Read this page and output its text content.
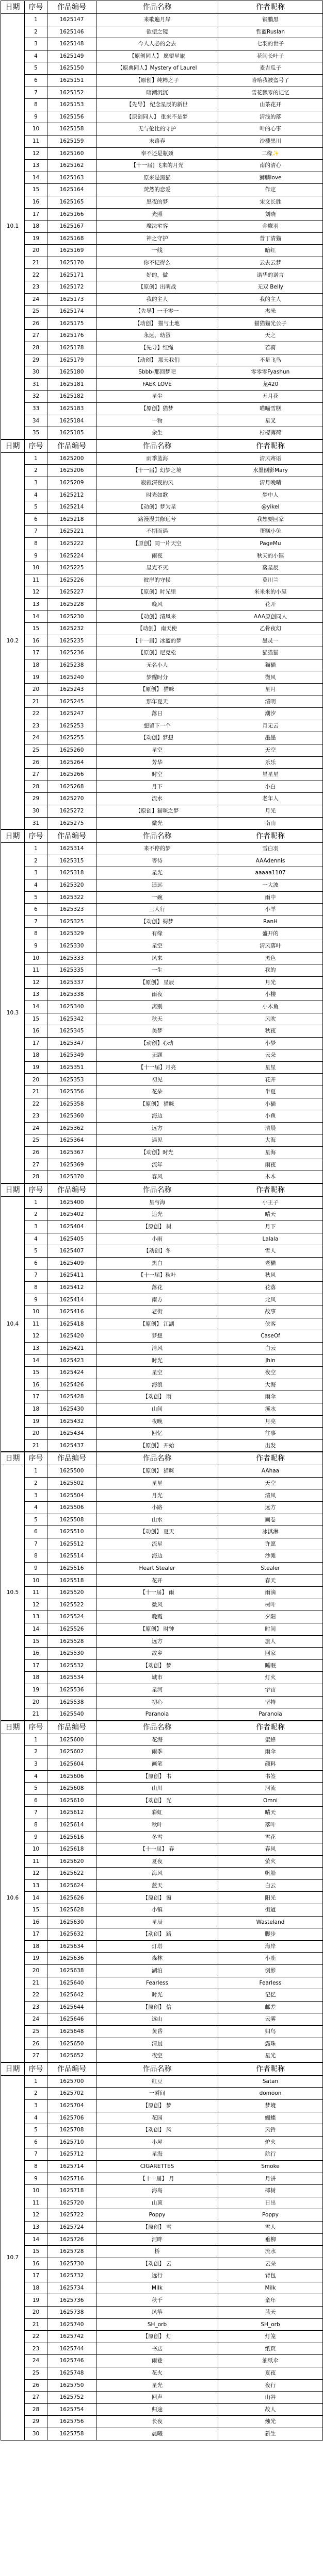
日期	序号	作品编号	作品名称	作者昵称
10.1	1	1625147	来歌遍月岸	钢鹏黑
	2	1625146	欲望之镜	哲蓝Ruslan
	3	1625148	今人人必的会去	七羽的世子
	4	1625149	【原创同人】 愿望星旅	花间长叶子
	5	1625150	【原典同人】Mystery of Laurel	麦吉瓜子
	6	1625151	【原创】纯粹之子	哈哈我被盗号了
	7	1625152	暗潮沉沉	雪花飘零的记忆
	8	1625153	【先导】 纪念星辰的新世	山茶花开
	9	1625156	【原创同人】 重来不是梦	清浅的落
	10	1625158	无与伦比的守护	叶的心事
	11	1625159	末路春	沙楼黑川
	12	1625160	奉不还是瓶颈	二缘✨
	13	1625162	【十一届] 飞来的月光	南的清心
	14	1625163	原来是黑猫	狮麟love
	15	1625164	荧然的恋爱	作定
	16	1625165	黑夜的梦	宋文长胜
	17	1625166	光照	刘晓
	18	1625167	魔法宅客	金鹰羽
	19	1625168	神之守护	普丁清猫
	20	1625169	一线	暗红
	21	1625170	你不记得么	云去云梦
	22	1625171	好的，做	诺华的诺言
	23	1625172	【原创】出萌战	无双 Belly
	24	1625173	我的主人	我的主人
	25	1625174	【先导】一千零一	杰米
	26	1625175	【动创】 猫与土地	猫猫猫光公子
	27	1625176	永远，幼蛋	天之
	28	1625178	【先导】红绳	若骑
	29	1625179	【动创】 那天我们	不是飞鸟
	30	1625180	Sbbb-那回梦吧	零零零Fyashun
	31	1625181	FAEK LOVE	龙420
	32	1625182	星尘	五月花
	33	1625183	【原创】猫梦	喵喵雪糕
	34	1625184	一物	星叉
	35	1625185	余生	柠檬薄荷
日期	序号	作品编号	作品名称	作者昵称
10.2	1	1625200	雨季蓝海	清风寄语
	2	1625206	【十一届】幻梦之境	水墨倒影Mary
	3	1625209	寂寂深夜的风	清月晚晴
	4	1625212	时光如歌	梦中人
	5	1625214	【动创】梦为星	@yikel
	6	1625218	路漫漫其修远兮	我想要回家
	7	1625221	不期而遇	蛋糕小兔
	8	1625222	【原创】同一片天空	PageMu
	9	1625224	雨夜	秋天的小镇
	10	1625225	星光不灭	落星辰
	11	1625226	彼岸的守候	莫川兰
	12	1625227	【原创】时光里	米米米的小屋
	13	1625228	晚风	花开
	14	1625230	【动创】清风来	AAA原创同人
	15	1625232	【动创】 南天使	乙骨夜幻
	16	1625235	【十一届】冰蓝的梦	墨灵一
	17	1625236	【原创】尼克松	猫猫猫
	18	1625238	无名小人	猫猫
	19	1625240	梦醒时分	微风
	20	1625243	【原创】 猫咪	星月
	21	1625245	那年夏天	清明
	22	1625247	落日	潮汐
	23	1625253	想留下一个	月无云
	24	1625255	【动创】梦想	墨墨
	25	1625260	星空	天空
	26	1625264	芳华	乐乐
	27	1625266	时空	星星星
	28	1625268	月下	小白
	29	1625270	流水	老年人
	30	1625272	【原创】猫咪之梦	月光
	31	1625275	微光	南山
日期	序号	作品编号	作品名称	作者昵称
10.3	1	1625314	来不停的梦	雪白羽
	2	1625315	等待	AAAdennis
	3	1625318	星光	aaaaa1107
	4	1625320	遥远	一大波
	5	1625322	一碗	雨中
	6	1625323	三人行	小羊
	7	1625325	【动创】蜀梦	RanH
	8	1625329	有缘	盛开的
	9	1625330	星空	清风落叶
	10	1625333	风来	黑色
	11	1625335	一生	我的
	12	1625337	【原创】 星辰	月光
	13	1625338	雨夜	小楼
	14	1625340	离别	小木鱼
	15	1625342	秋天	风吹
	16	1625345	美梦	秋夜
	17	1625347	【动创】心动	小梦
	18	1625349	无题	云朵
	19	1625351	【十一届】月亮	星星
	20	1625353	初见	花开
	21	1625356	花朵	半夏
	22	1625358	【原创】 猫咪	小猫
	23	1625360	海边	小鱼
	24	1625362	远方	清晨
	25	1625364	遇见	大海
	26	1625367	【动创】时光	星海
	27	1625369	流年	雨夜
	28	1625370	春风	木木
日期	序号	作品编号	作品名称	作者昵称
10.4	1	1625400	星与海	小王子
	2	1625402	追光	晴天
	3	1625404	【原创】 树	月下
	4	1625405	小雨	Lalala
	5	1625407	【动创】冬	雪人
	6	1625409	黑白	老猫
	7	1625411	【十一届】秋叶	秋风
	8	1625412	落花	花落
	9	1625414	南方	北风
	10	1625416	老街	故事
	11	1625418	【原创】 江湖	侠客
	12	1625420	梦想	CaseOf
	13	1625421	清风	白云
	14	1625423	时光	Jhin
	15	1625424	星空	夜空
	16	1625426	海浪	大海
	17	1625428	【动创】 雨	雨伞
	18	1625430	山间	溪水
	19	1625432	夜晚	月亮
	20	1625434	回忆	往事
	21	1625437	【原创】 开始	出发
日期	序号	作品编号	作品名称	作者昵称
10.5	1	1625500	【原创】 猫咪	AAhaa
	2	1625502	星星	天空
	3	1625504	月光	清风
	4	1625506	小路	远方
	5	1625508	山水	画卷
	6	1625510	【动创】 夏天	冰淇淋
	7	1625512	流星	许愿
	8	1625514	海边	沙滩
	9	1625516	Heart Stealer	Stealer
	10	1625518	花开	春天
	11	1625520	【十一届】 雨	雨滴
	12	1625522	微风	树叶
	13	1625524	晚霞	夕阳
	14	1625526	【原创】 时钟	时间
	15	1625528	远方	旅人
	16	1625530	故乡	回家
	17	1625532	【动创】 梦	睡眠
	18	1625534	城市	灯火
	19	1625536	星河	宇宙
	20	1625538	初心	坚持
	21	1625540	Paranoia	Paranoia
日期	序号	作品编号	作品名称	作者昵称
10.6	1	1625600	花海	蜜蜂
	2	1625602	雨季	雨伞
	3	1625604	画笔	颜料
	4	1625606	【原创】 书	书签
	5	1625608	山川	河流
	6	1625610	【动创】 光	Omni
	7	1625612	彩虹	晴天
	8	1625614	秋叶	落叶
	9	1625616	冬雪	雪花
	10	1625618	【十一届】 春	春风
	11	1625620	夏夜	萤火
	12	1625622	海风	帆船
	13	1625624	蓝天	白云
	14	1625626	【原创】 窗	阳光
	15	1625628	小镇	街道
	16	1625630	星辰	Wasteland
	17	1625632	【动创】 路	脚步
	18	1625634	灯塔	海岸
	19	1625636	森林	小鹿
	20	1625638	湖泊	倒影
	21	1625640	Fearless	Fearless
	22	1625642	时光	记忆
	23	1625644	【原创】 信	邮差
	24	1625646	远山	云雾
	25	1625648	黄昏	归鸟
	26	1625650	清晨	露珠
	27	1625652	夜空	星光
日期	序号	作品编号	作品名称	作者昵称
10.7	1	1625700	红豆	Satan
	2	1625702	一瞬间	domoon
	3	1625704	【原创】 梦	梦境
	4	1625706	花园	蝴蝶
	5	1625708	【动创】 风	风铃
	6	1625710	小屋	炉火
	7	1625712	星海	航行
	8	1625714	CIGARETTES	Smoke
	9	1625716	【十一届】 月	月饼
	10	1625718	海岛	椰树
	11	1625720	山顶	日出
	12	1625722	Poppy	Poppy
	13	1625724	【原创】 雪	雪人
	14	1625726	河畔	垂柳
	15	1625728	桥	流水
	16	1625730	【动创】 云	云朵
	17	1625732	远行	背包
	18	1625734	Milk	Milk
	19	1625736	秋千	童年
	20	1625738	风筝	蓝天
	21	1625740	SH_orb	SH_orb
	22	1625742	【原创】 灯	灯笼
	23	1625744	书店	纸页
	24	1625746	雨巷	油纸伞
	25	1625748	花火	夏夜
	26	1625750	星光	夜行
	27	1625752	回声	山谷
	28	1625754	归途	故人
	29	1625756	长夜	烛光
	30	1625758	晨曦	新生
